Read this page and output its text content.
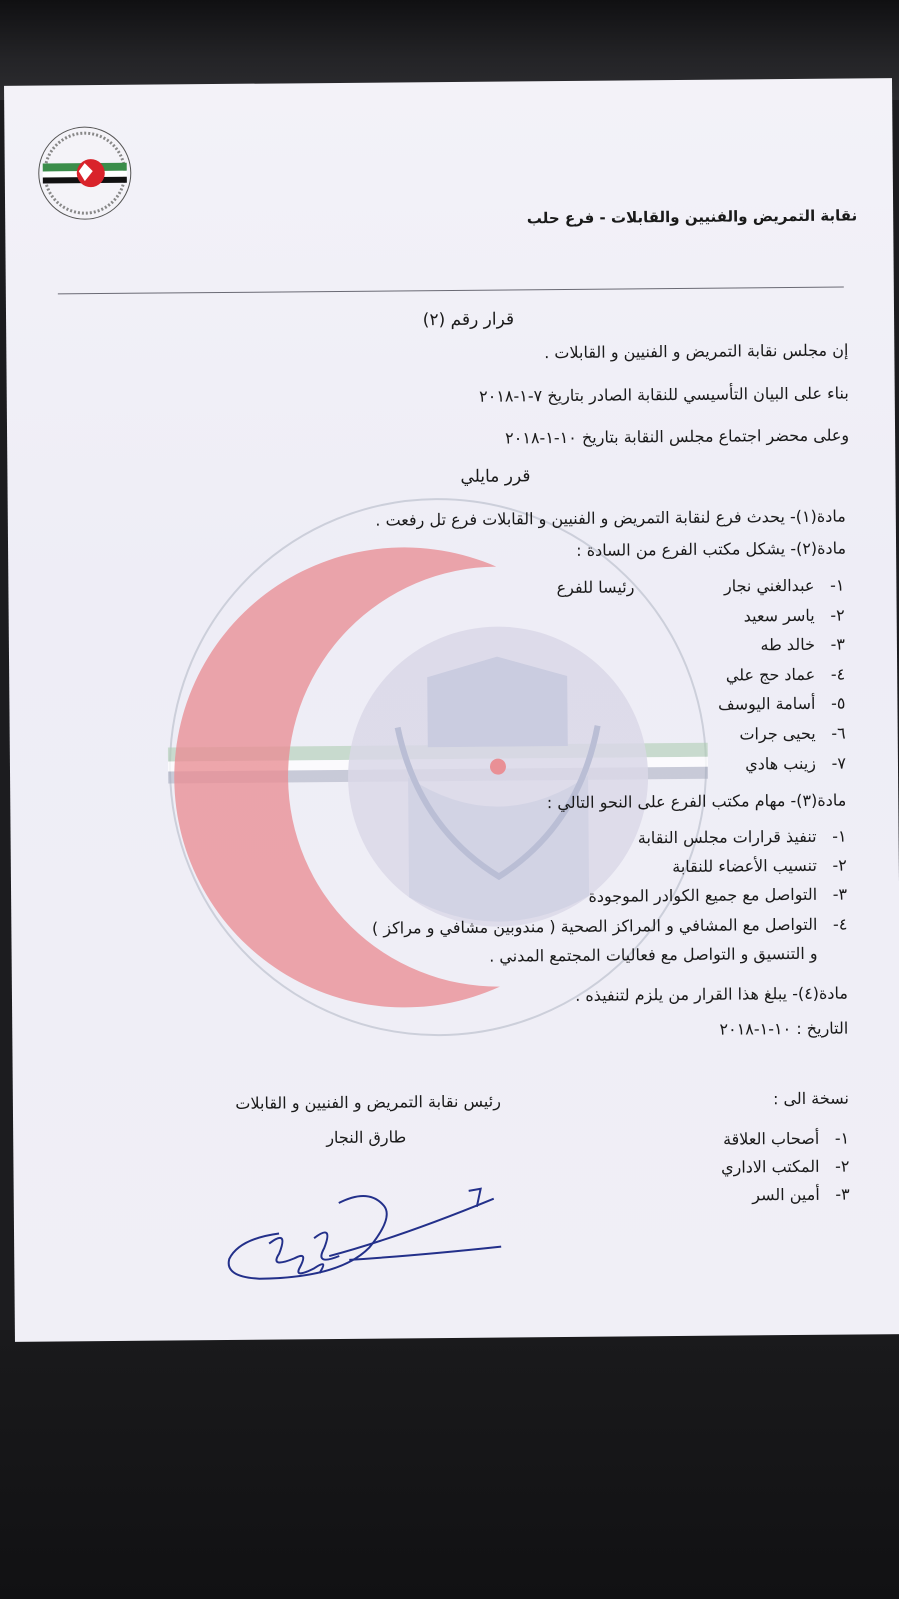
نقابة التمريض والفنيين والقابلات - فرع حلب
قرار رقم (٢)
إن مجلس نقابة التمريض و الفنيين و القابلات .
بناء على البيان التأسيسي للنقابة الصادر بتاريخ ٧-١-٢٠١٨
وعلى محضر اجتماع مجلس النقابة بتاريخ ١٠-١-٢٠١٨
قرر مايلي
مادة(١)- يحدث فرع لنقابة التمريض و الفنيين و القابلات فرع تل رفعت .
مادة(٢)- يشكل مكتب الفرع من السادة :
١-
عبدالغني نجار
رئيسا للفرع
٢-
ياسر سعيد
٣-
خالد طه
٤-
عماد حج علي
٥-
أسامة اليوسف
٦-
يحيى جرات
٧-
زينب هادي
مادة(٣)- مهام مكتب الفرع على النحو التالي :
١-
تنفيذ قرارات مجلس النقابة
٢-
تنسيب الأعضاء للنقابة
٣-
التواصل مع جميع الكوادر الموجودة
٤-
التواصل مع المشافي و المراكز الصحية ( مندوبين مشافي و مراكز )
و التنسيق و التواصل مع فعاليات المجتمع المدني .
مادة(٤)- يبلغ هذا القرار من يلزم لتنفيذه .
التاريخ : ١٠-١-٢٠١٨
نسخة الى :
١-
أصحاب العلاقة
٢-
المكتب الاداري
٣-
أمين السر
رئيس نقابة التمريض و الفنيين و القابلات
طارق النجار
